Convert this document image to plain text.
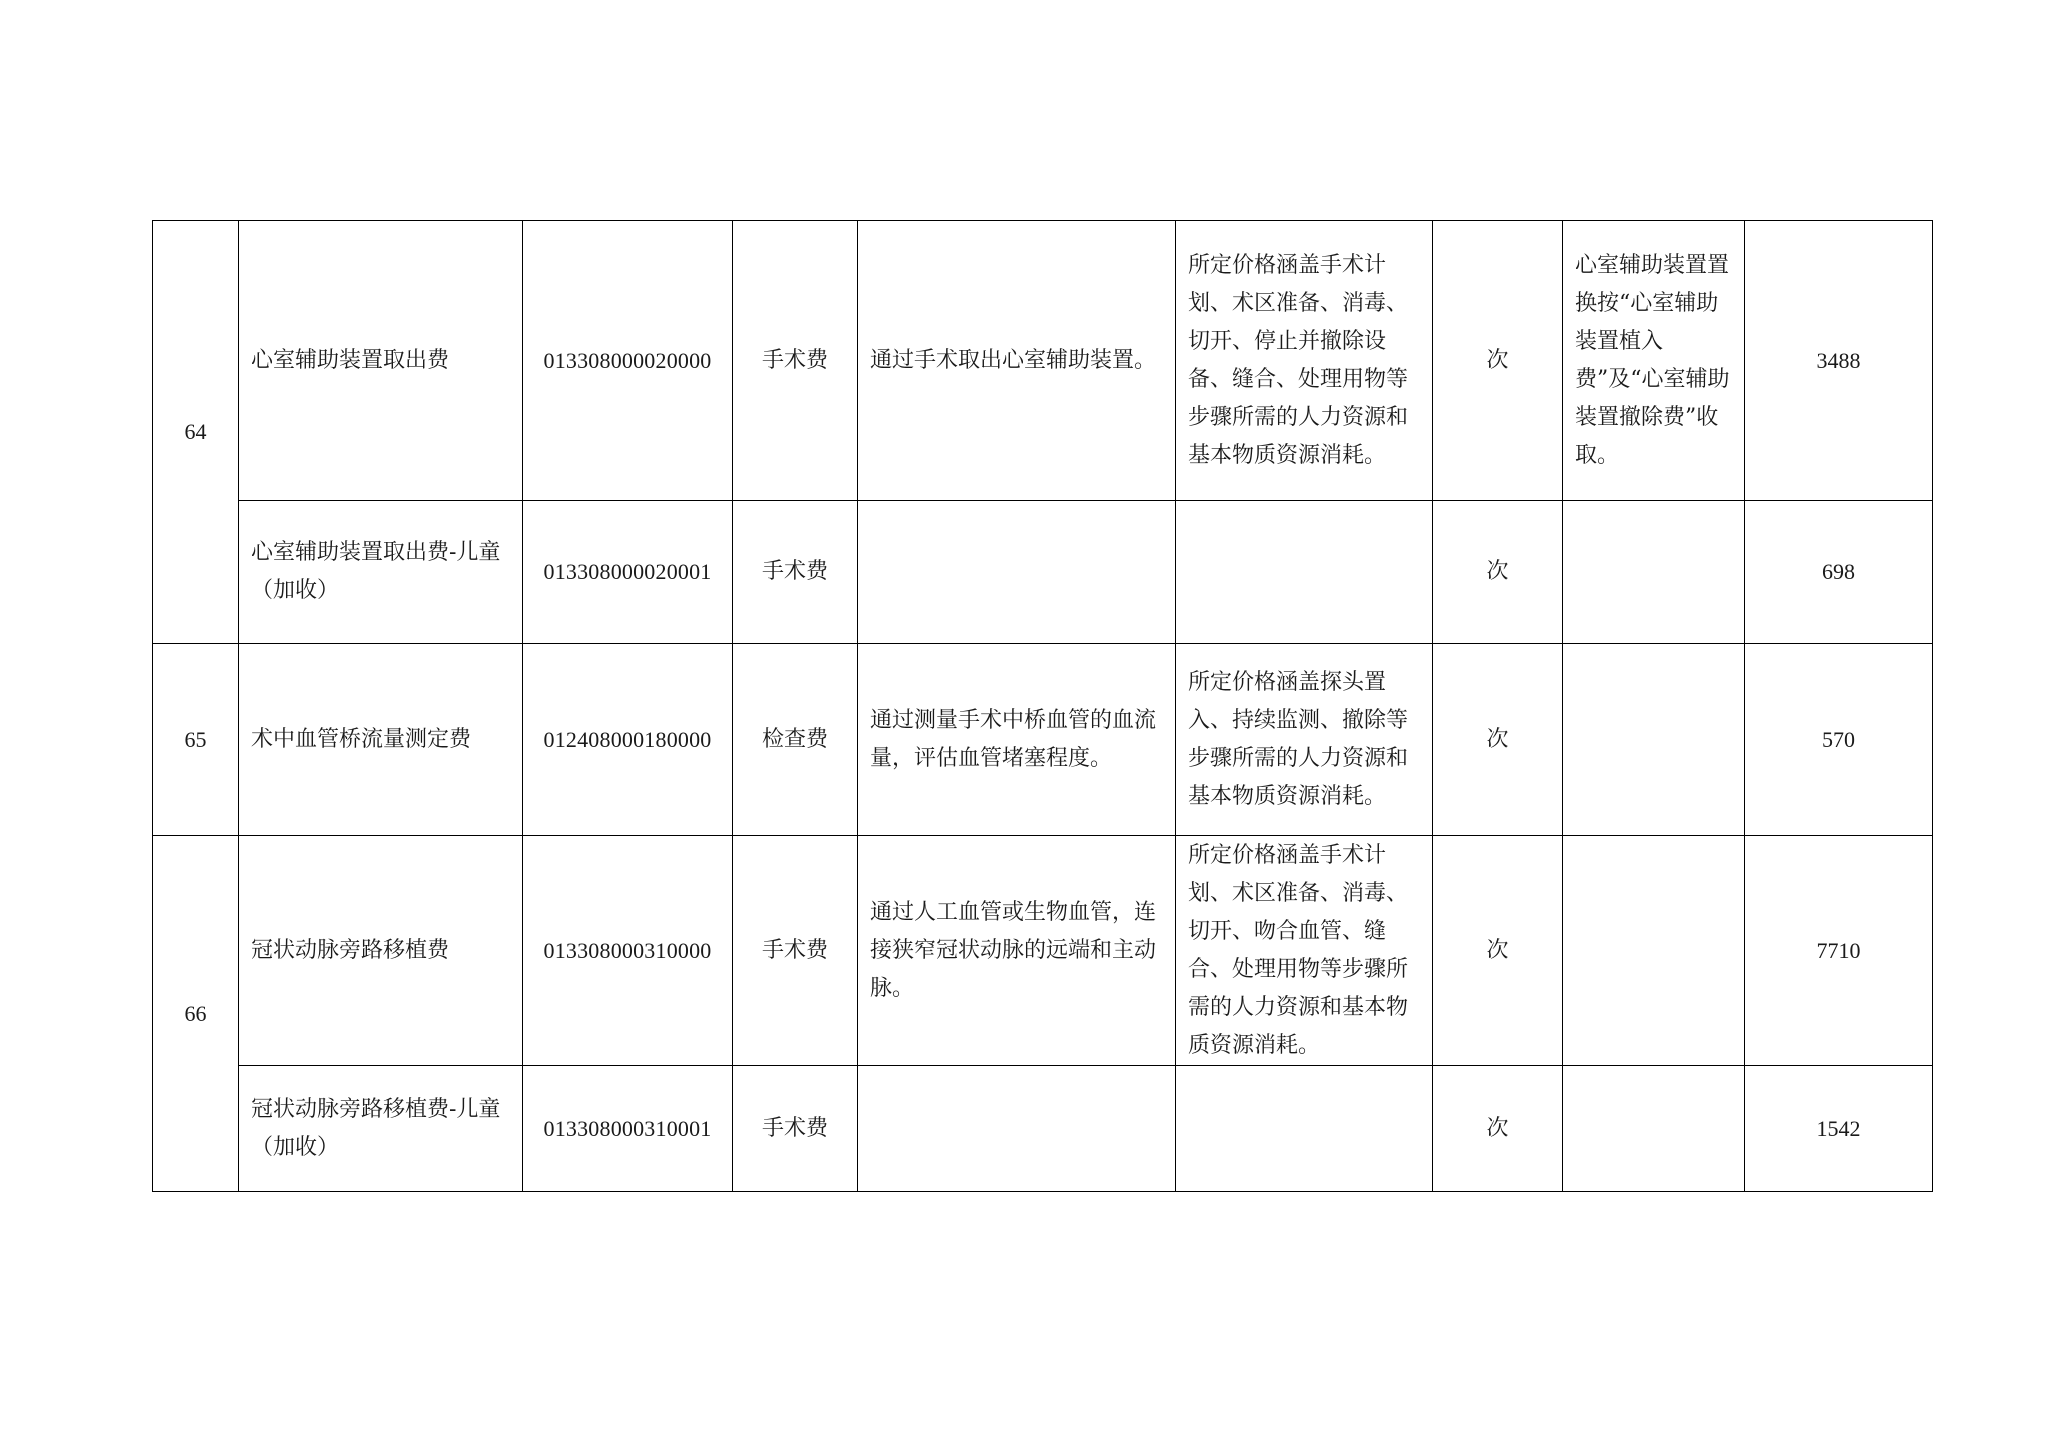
64	心室辅助装置取出费	013308000020000	手术费	通过手术取出心室辅助装置。	所定价格涵盖手术计划、术区准备、消毒、切开、停止并撤除设备、缝合、处理用物等步骤所需的人力资源和基本物质资源消耗。	次	心室辅助装置置换按“心室辅助装置植入费”及“心室辅助装置撤除费”收取。	3488
	心室辅助装置取出费-儿童（加收）	013308000020001	手术费			次		698
65	术中血管桥流量测定费	012408000180000	检查费	通过测量手术中桥血管的血流量，评估血管堵塞程度。	所定价格涵盖探头置入、持续监测、撤除等步骤所需的人力资源和基本物质资源消耗。	次		570
66	冠状动脉旁路移植费	013308000310000	手术费	通过人工血管或生物血管，连接狭窄冠状动脉的远端和主动脉。	所定价格涵盖手术计划、术区准备、消毒、切开、吻合血管、缝合、处理用物等步骤所需的人力资源和基本物质资源消耗。	次		7710
	冠状动脉旁路移植费-儿童（加收）	013308000310001	手术费			次		1542
